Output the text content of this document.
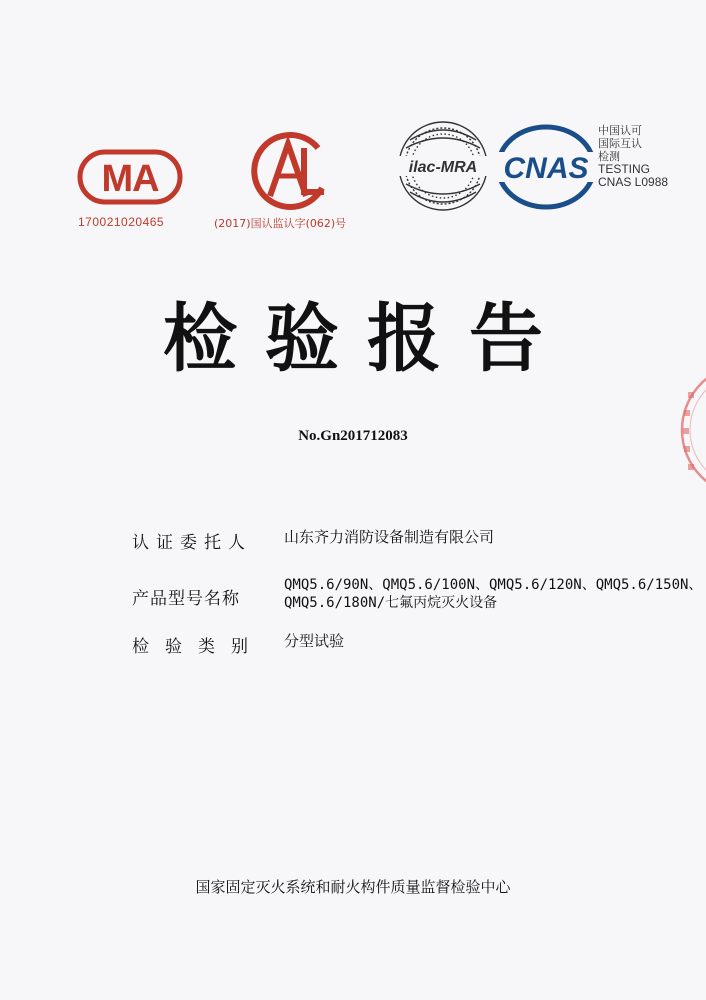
MA
170021020465	(2017)国认监认字(062)号
ilac-MRA CNAS
中国认可
国际互认
检测
TESTING
CNAS L0988
检验报告
No.Gn201712083
认证委托人 山东齐力消防设备制造有限公司
产品型号名称
QMQ5.6/90N、QMQ5.6/100N、QMQ5.6/120N、QMQ5.6/150N、QMQ5.6/180N/七氟丙烷灭火设备
检验类别 分型试验
国家固定灭火系统和耐火构件质量监督检验中心
